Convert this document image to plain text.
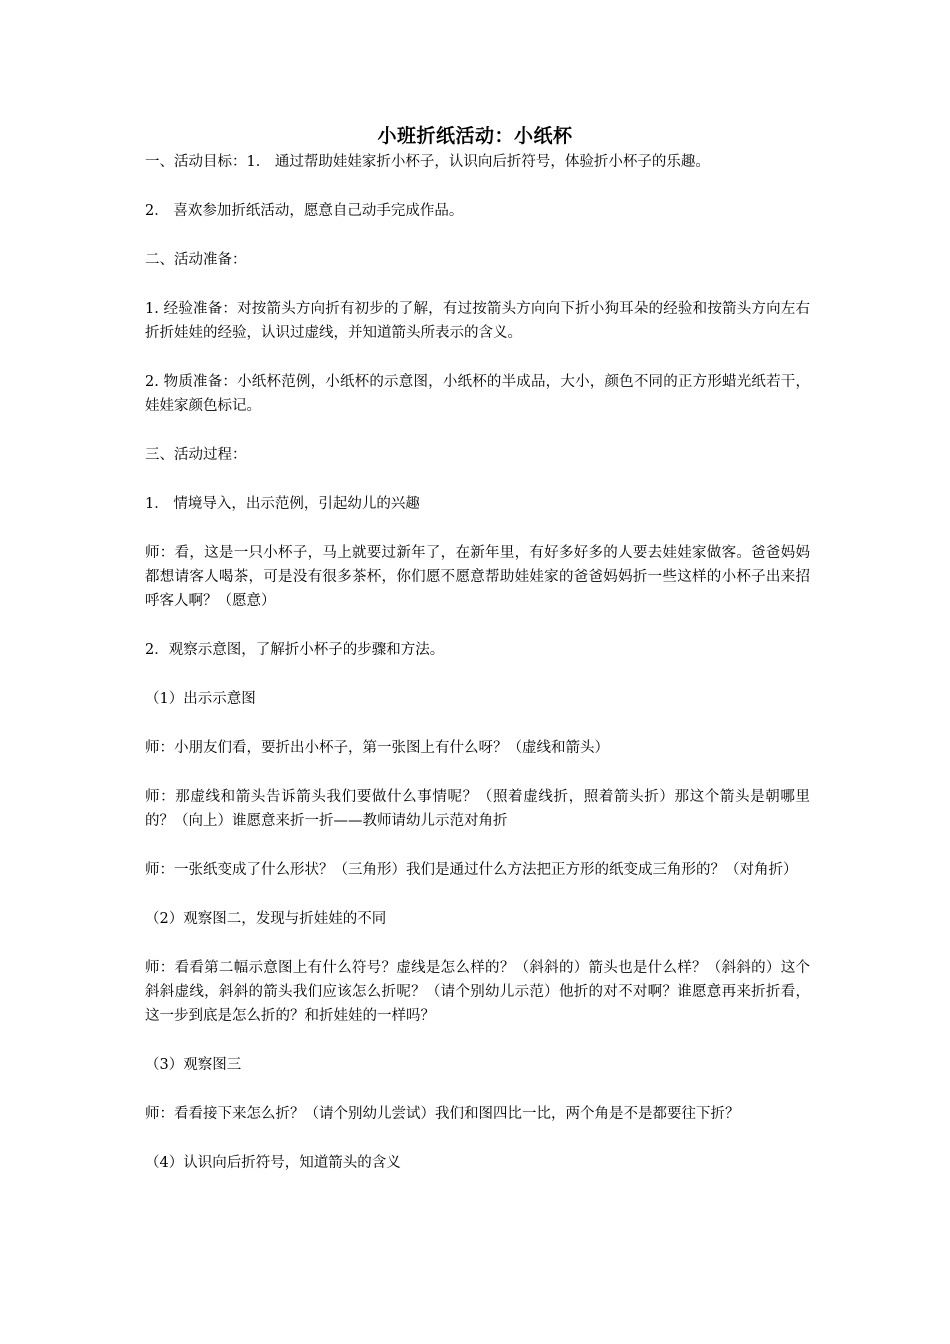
小班折纸活动：小纸杯

一、活动目标：1． 通过帮助娃娃家折小杯子，认识向后折符号，体验折小杯子的乐趣。

2． 喜欢参加折纸活动，愿意自己动手完成作品。

二、活动准备：

1. 经验准备：对按箭头方向折有初步的了解，有过按箭头方向向下折小狗耳朵的经验和按箭头方向左右折折娃娃的经验，认识过虚线，并知道箭头所表示的含义。

2. 物质准备：小纸杯范例，小纸杯的示意图，小纸杯的半成品，大小，颜色不同的正方形蜡光纸若干，娃娃家颜色标记。

三、活动过程：

1． 情境导入，出示范例，引起幼儿的兴趣

师：看，这是一只小杯子，马上就要过新年了，在新年里，有好多好多的人要去娃娃家做客。爸爸妈妈都想请客人喝茶，可是没有很多茶杯，你们愿不愿意帮助娃娃家的爸爸妈妈折一些这样的小杯子出来招呼客人啊？（愿意）

2．观察示意图，了解折小杯子的步骤和方法。

（1）出示示意图

师：小朋友们看，要折出小杯子，第一张图上有什么呀？（虚线和箭头）

师：那虚线和箭头告诉箭头我们要做什么事情呢？（照着虚线折，照着箭头折）那这个箭头是朝哪里的？（向上）谁愿意来折一折——教师请幼儿示范对角折

师：一张纸变成了什么形状？（三角形）我们是通过什么方法把正方形的纸变成三角形的？（对角折）

（2）观察图二，发现与折娃娃的不同

师：看看第二幅示意图上有什么符号？虚线是怎么样的？（斜斜的）箭头也是什么样？（斜斜的）这个斜斜虚线，斜斜的箭头我们应该怎么折呢？（请个别幼儿示范）他折的对不对啊？谁愿意再来折折看，这一步到底是怎么折的？和折娃娃的一样吗？

（3）观察图三

师：看看接下来怎么折？（请个别幼儿尝试）我们和图四比一比，两个角是不是都要往下折？

（4）认识向后折符号，知道箭头的含义
